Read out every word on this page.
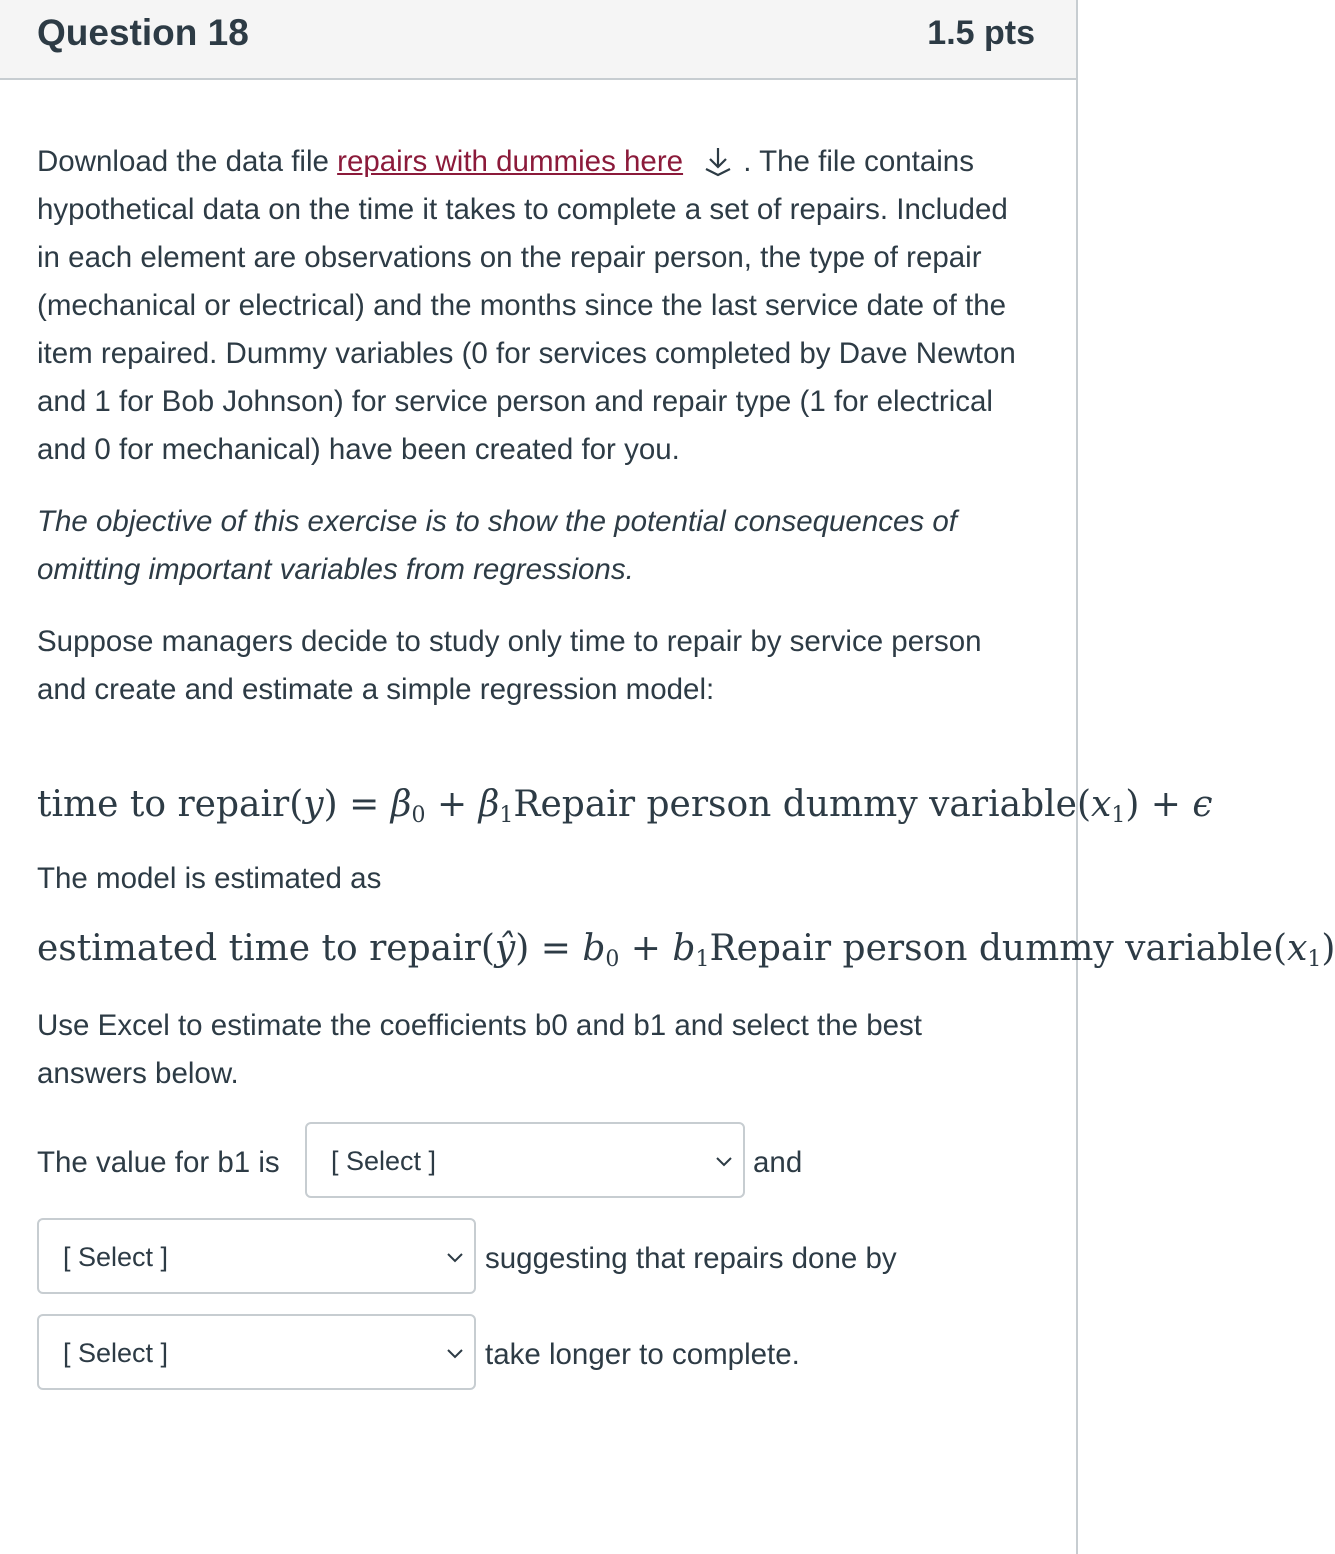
Question 18	1.5 pts

Download the data file repairs with dummies here . The file contains hypothetical data on the time it takes to complete a set of repairs. Included in each element are observations on the repair person, the type of repair (mechanical or electrical) and the months since the last service date of the item repaired. Dummy variables (0 for services completed by Dave Newton and 1 for Bob Johnson) for service person and repair type (1 for electrical and 0 for mechanical) have been created for you.

The objective of this exercise is to show the potential consequences of omitting important variables from regressions.

Suppose managers decide to study only time to repair by service person and create and estimate a simple regression model:

time to repair(y) = $\beta_0$ + $\beta_1Repair$ person dummy $variable(x_1) + \epsilon$
The model is estimated as
estimated time to repair(ŷ) = $b_0$ + $b_1Repair$ person dummy $variable(x_1)$
Use Excel to estimate the coefficients b0 and b1 and select the best answers below.
The value for b1 is [ Select ]	and
[ Select ]	suggesting that repairs done by
[ Select ]	take longer to complete.
